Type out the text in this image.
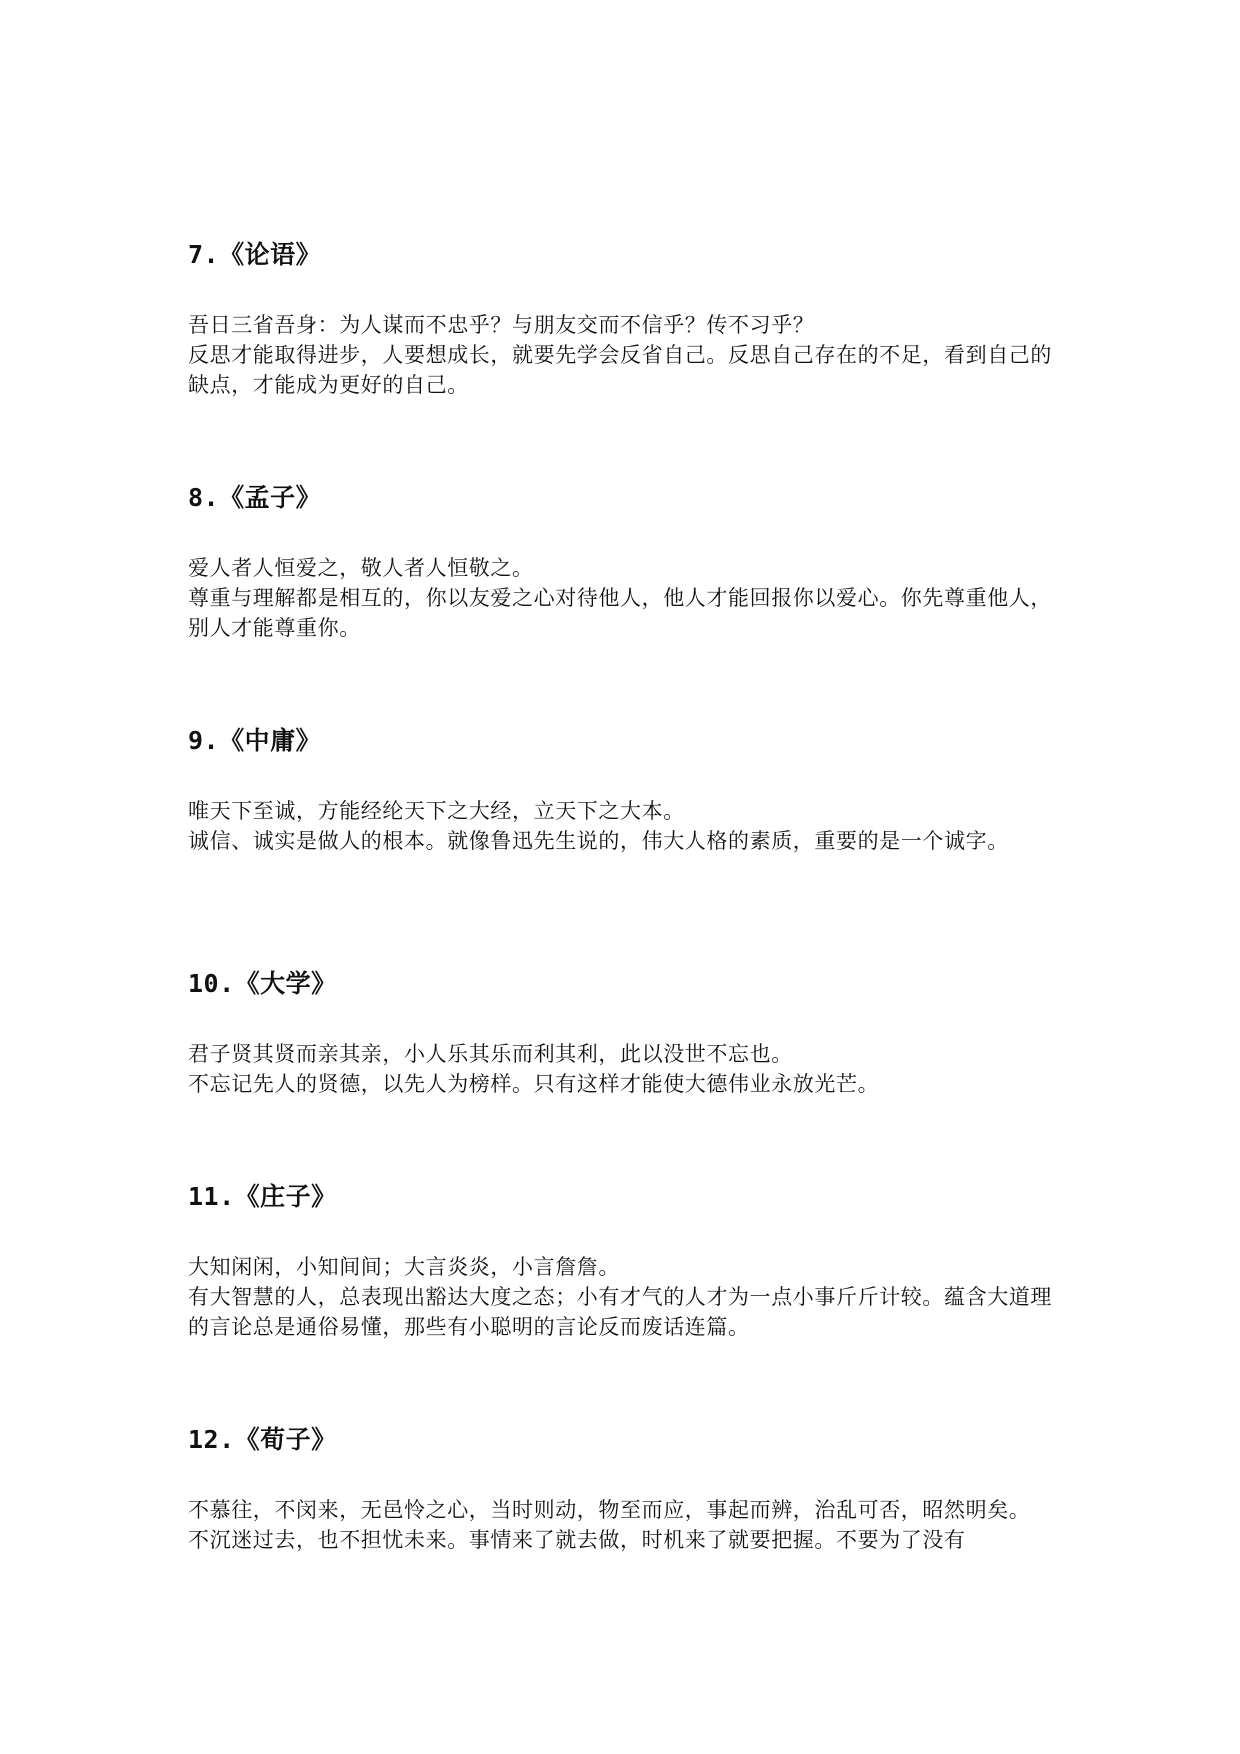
7.《论语》

吾日三省吾身：为人谋而不忠乎？与朋友交而不信乎？传不习乎？

反思才能取得进步，人要想成长，就要先学会反省自己。反思自己存在的不足，看到自己的缺点，才能成为更好的自己。

8.《孟子》

爱人者人恒爱之，敬人者人恒敬之。

尊重与理解都是相互的，你以友爱之心对待他人，他人才能回报你以爱心。你先尊重他人，别人才能尊重你。

9.《中庸》

唯天下至诚，方能经纶天下之大经，立天下之大本。

诚信、诚实是做人的根本。就像鲁迅先生说的，伟大人格的素质，重要的是一个诚字。

10.《大学》

君子贤其贤而亲其亲，小人乐其乐而利其利，此以没世不忘也。

不忘记先人的贤德，以先人为榜样。只有这样才能使大德伟业永放光芒。

11.《庄子》

大知闲闲，小知间间；大言炎炎，小言詹詹。

有大智慧的人，总表现出豁达大度之态；小有才气的人才为一点小事斤斤计较。蕴含大道理的言论总是通俗易懂，那些有小聪明的言论反而废话连篇。

12.《荀子》

不慕往，不闵来，无邑怜之心，当时则动，物至而应，事起而辨，治乱可否，昭然明矣。

不沉迷过去，也不担忧未来。事情来了就去做，时机来了就要把握。不要为了没有
